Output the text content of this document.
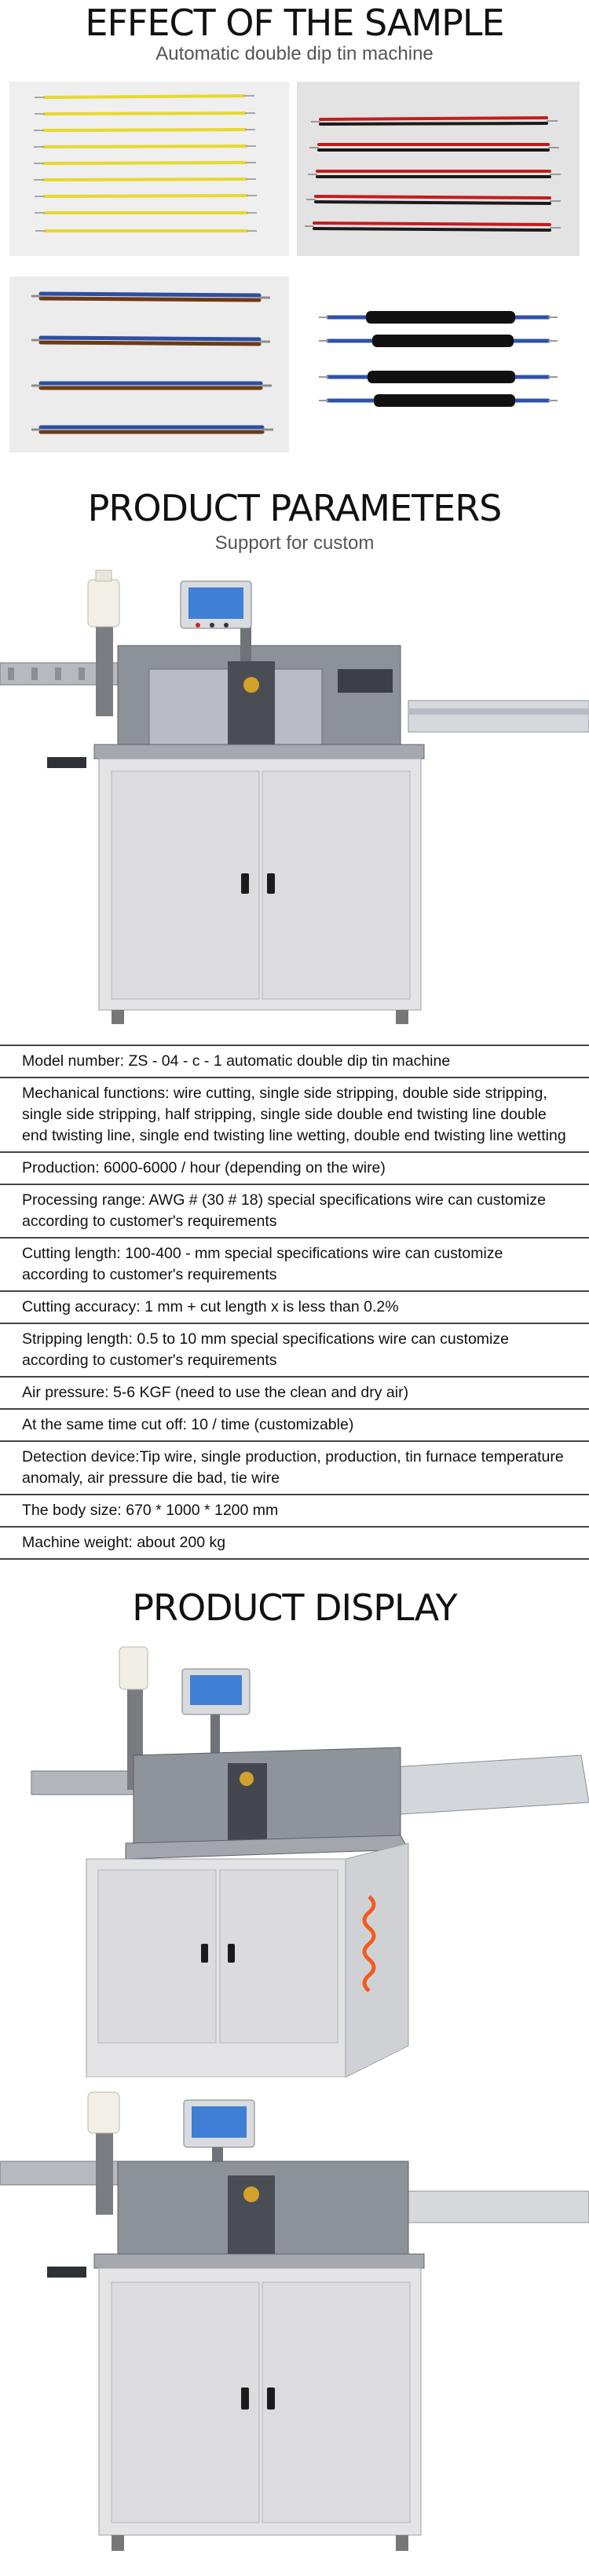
EFFECT OF THE SAMPLE
Automatic double dip tin machine
PRODUCT PARAMETERS
Support for custom
Model number: ZS - 04 - c - 1 automatic double dip tin machine
Mechanical functions: wire cutting, single side stripping, double side stripping, single side stripping, half stripping, single side double end twisting line double end twisting line, single end twisting line wetting, double end twisting line wetting
Production: 6000-6000 / hour (depending on the wire)
Processing range: AWG # (30 # 18) special specifications wire can customize according to customer's requirements
Cutting length: 100-400 - mm special specifications wire can customize according to customer's requirements
Cutting accuracy: 1 mm + cut length x is less than 0.2%
Stripping length: 0.5 to 10 mm special specifications wire can customize according to customer's requirements
Air pressure: 5-6 KGF (need to use the clean and dry air)
At the same time cut off: 10 / time (customizable)
Detection device:Tip wire, single production, production, tin furnace temperature anomaly, air pressure die bad, tie wire
The body size: 670 * 1000 * 1200 mm
Machine weight: about 200 kg
PRODUCT DISPLAY
